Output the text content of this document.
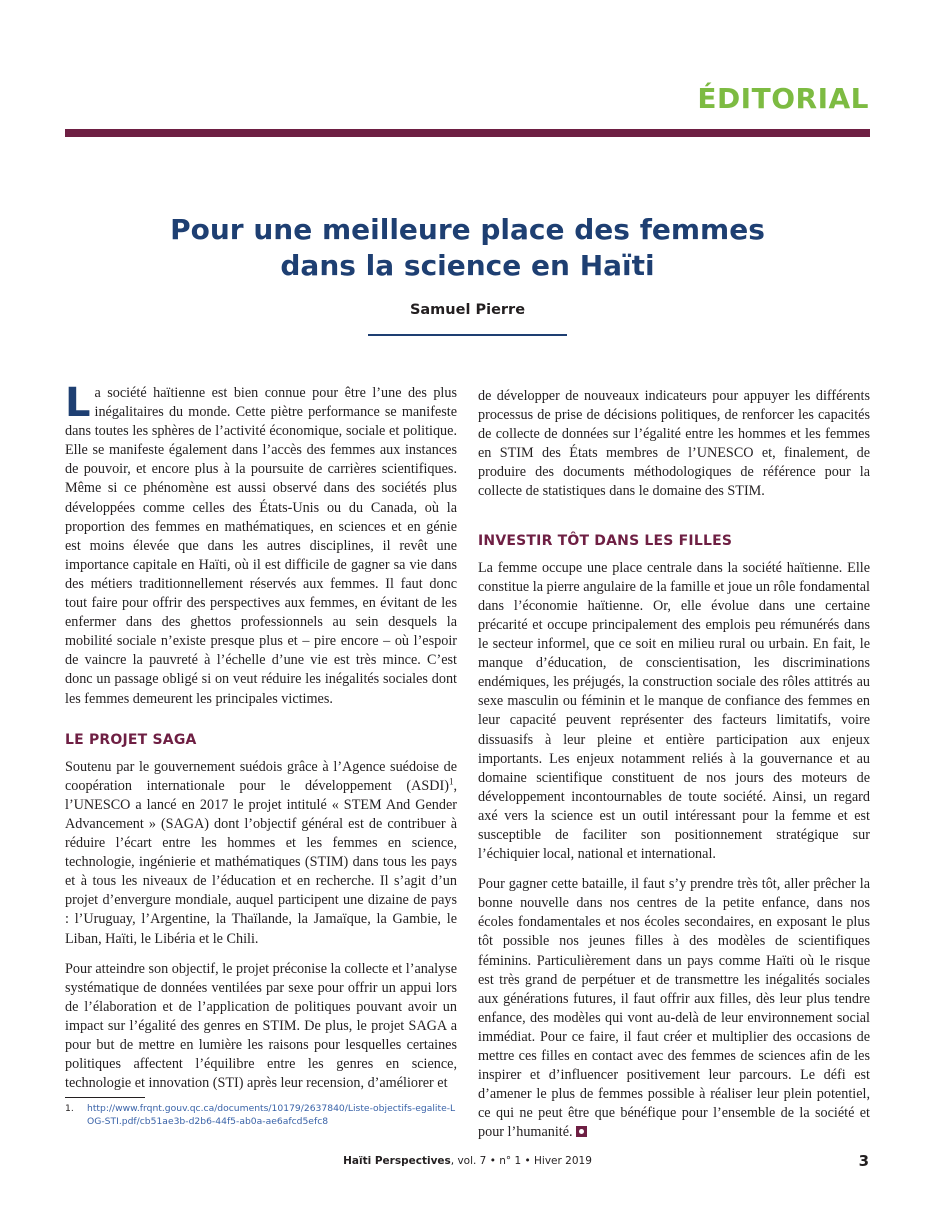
ÉDITORIAL
Pour une meilleure place des femmes
dans la science en Haïti
Samuel Pierre

La société haïtienne est bien connue pour être l’une des plus inégalitaires du monde. Cette piètre performance se manifeste dans toutes les sphères de l’activité économique, sociale et politique. Elle se manifeste également dans l’accès des femmes aux instances de pouvoir, et encore plus à la poursuite de carrières scientifiques. Même si ce phénomène est aussi observé dans des sociétés plus développées comme celles des États-Unis ou du Canada, où la proportion des femmes en mathématiques, en sciences et en génie est moins élevée que dans les autres disciplines, il revêt une importance capitale en Haïti, où il est difficile de gagner sa vie dans des métiers traditionnellement réservés aux femmes. Il faut donc tout faire pour offrir des perspectives aux femmes, en évitant de les enfermer dans des ghettos professionnels au sein desquels la mobilité sociale n’existe presque plus et – pire encore – où l’espoir de vaincre la pauvreté à l’échelle d’une vie est très mince. C’est donc un passage obligé si on veut réduire les inégalités sociales dont les femmes demeurent les principales victimes.

LE PROJET SAGA

Soutenu par le gouvernement suédois grâce à l’Agence suédoise de coopération internationale pour le développement (ASDI)$^1$, l’UNESCO a lancé en 2017 le projet intitulé « STEM And Gender Advancement » (SAGA) dont l’objectif général est de contribuer à réduire l’écart entre les hommes et les femmes en science, technologie, ingénierie et mathématiques (STIM) dans tous les pays et à tous les niveaux de l’éducation et en recherche. Il s’agit d’un projet d’envergure mondiale, auquel participent une dizaine de pays : l’Uruguay, l’Argentine, la Thaïlande, la Jamaïque, la Gambie, le Liban, Haïti, le Libéria et le Chili.

Pour atteindre son objectif, le projet préconise la collecte et l’analyse systématique de données ventilées par sexe pour offrir un appui lors de l’élaboration et de l’application de politiques pouvant avoir un impact sur l’égalité des genres en STIM. De plus, le projet SAGA a pour but de mettre en lumière les raisons pour lesquelles certaines politiques affectent l’équilibre entre les genres en science, technologie et innovation (STI) après leur recension, d’améliorer et

de développer de nouveaux indicateurs pour appuyer les différents processus de prise de décisions politiques, de renforcer les capacités de collecte de données sur l’égalité entre les hommes et les femmes en STIM des États membres de l’UNESCO et, finalement, de produire des documents méthodologiques de référence pour la collecte de statistiques dans le domaine des STIM.

INVESTIR TÔT DANS LES FILLES

La femme occupe une place centrale dans la société haïtienne. Elle constitue la pierre angulaire de la famille et joue un rôle fondamental dans l’économie haïtienne. Or, elle évolue dans une certaine précarité et occupe principalement des emplois peu rémunérés dans le secteur informel, que ce soit en milieu rural ou urbain. En fait, le manque d’éducation, de conscientisation, les discriminations endémiques, les préjugés, la construction sociale des rôles attitrés au sexe masculin ou féminin et le manque de confiance des femmes en leur capacité peuvent représenter des facteurs limitatifs, voire dissuasifs à leur pleine et entière participation aux enjeux importants. Les enjeux notamment reliés à la gouvernance et au domaine scientifique constituent de nos jours des moteurs de développement incontournables de toute société. Ainsi, un regard axé vers la science est un outil intéressant pour la femme et est susceptible de faciliter son positionnement stratégique sur l’échiquier local, national et international.

Pour gagner cette bataille, il faut s’y prendre très tôt, aller prêcher la bonne nouvelle dans nos centres de la petite enfance, dans nos écoles fondamentales et nos écoles secondaires, en exposant le plus tôt possible nos jeunes filles à des modèles de scientifiques féminins. Particulièrement dans un pays comme Haïti où le risque est très grand de perpétuer et de transmettre les inégalités sociales aux générations futures, il faut offrir aux filles, dès leur plus tendre enfance, des modèles qui vont au-delà de leur environnement social immédiat. Pour ce faire, il faut créer et multiplier des occasions de mettre ces filles en contact avec des femmes de sciences afin de les inspirer et d’influencer positivement leur parcours. Le défi est d’amener le plus de femmes possible à réaliser leur plein potentiel, ce qui ne peut être que bénéfique pour l’ensemble de la société et pour l’humanité.

1. http://www.frqnt.gouv.qc.ca/documents/10179/2637840/Liste-objectifs-egalite-LOG-STI.pdf/cb51ae3b-d2b6-44f5-ab0a-ae6afcd5efc8
Haïti Perspectives, vol. 7 • n° 1 • Hiver 2019	3
